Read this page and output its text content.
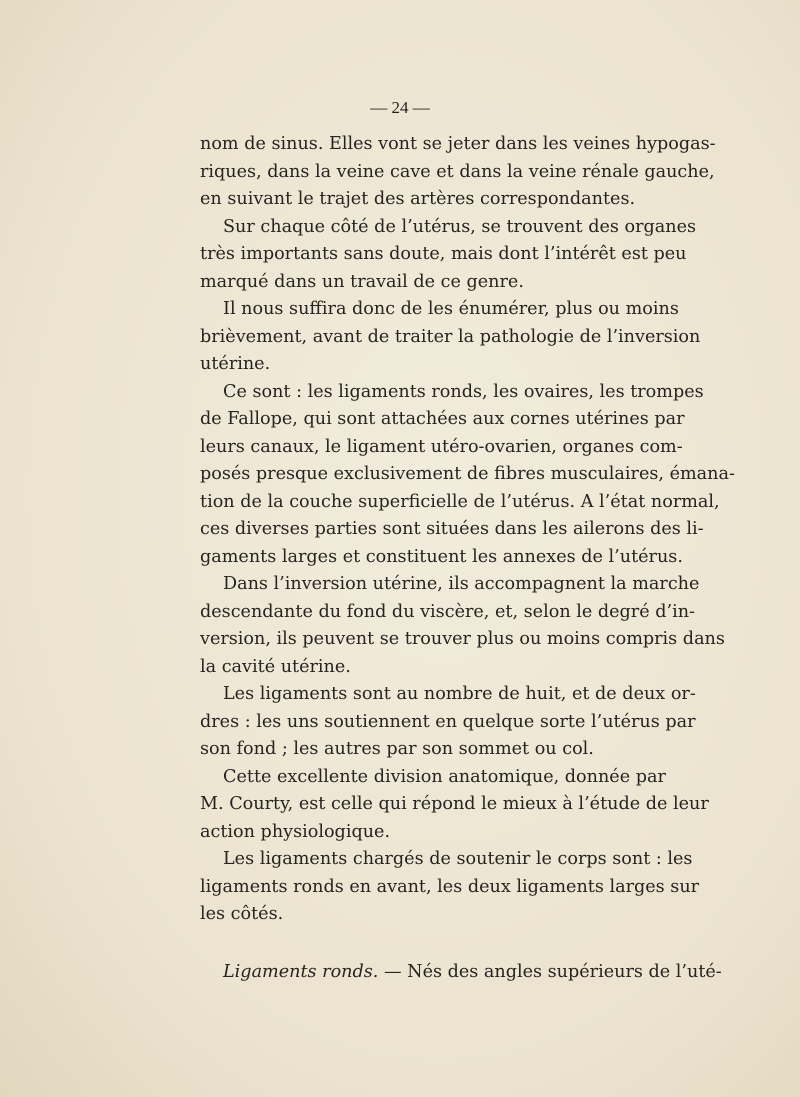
— 24 —
nom de sinus. Elles vont se jeter dans les veines hypogas-
riques, dans la veine cave et dans la veine rénale gauche,
en suivant le trajet des artères correspondantes.
Sur chaque côté de l’utérus, se trouvent des organes
très importants sans doute, mais dont l’intérêt est peu
marqué dans un travail de ce genre.
Il nous suffira donc de les énumérer, plus ou moins
brièvement, avant de traiter la pathologie de l’inversion
utérine.
Ce sont : les ligaments ronds, les ovaires, les trompes
de Fallope, qui sont attachées aux cornes utérines par
leurs canaux, le ligament utéro-ovarien, organes com-
posés presque exclusivement de fibres musculaires, émana-
tion de la couche superficielle de l’utérus. A l’état normal,
ces diverses parties sont situées dans les ailerons des li-
gaments larges et constituent les annexes de l’utérus.
Dans l’inversion utérine, ils accompagnent la marche
descendante du fond du viscère, et, selon le degré d’in-
version, ils peuvent se trouver plus ou moins compris dans
la cavité utérine.
Les ligaments sont au nombre de huit, et de deux or-
dres : les uns soutiennent en quelque sorte l’utérus par
son fond ; les autres par son sommet ou col.
Cette excellente division anatomique, donnée par
M. Courty, est celle qui répond le mieux à l’étude de leur
action physiologique.
Les ligaments chargés de soutenir le corps sont : les
ligaments ronds en avant, les deux ligaments larges sur
les côtés.
Ligaments ronds. — Nés des angles supérieurs de l’uté-
